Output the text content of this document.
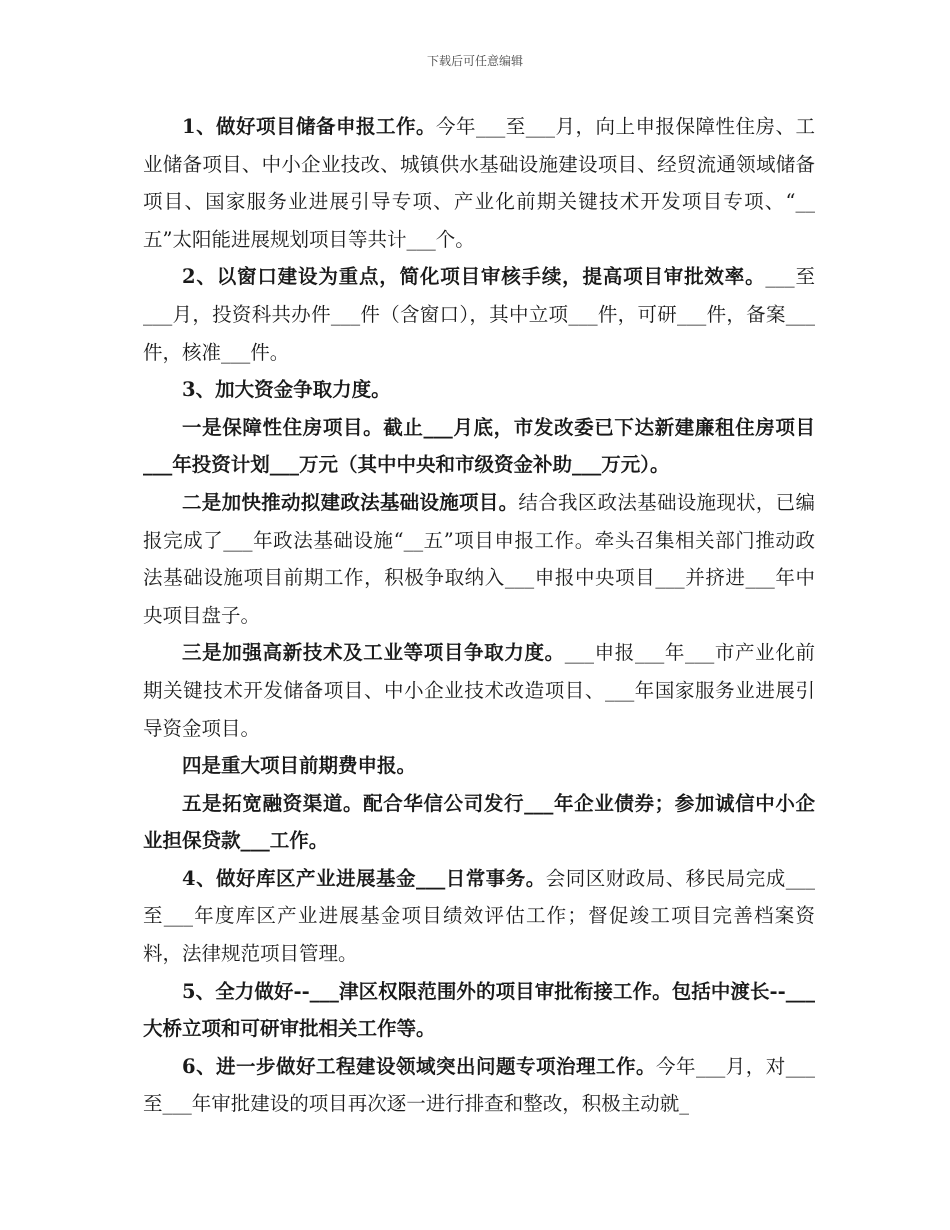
下载后可任意编辑

1、做好项目储备申报工作。今年___至___月，向上申报保障性住房、工业储备项目、中小企业技改、城镇供水基础设施建设项目、经贸流通领域储备项目、国家服务业进展引导专项、产业化前期关键技术开发项目专项、“__五”太阳能进展规划项目等共计___个。

2、以窗口建设为重点，简化项目审核手续，提高项目审批效率。___至___月，投资科共办件___件（含窗口），其中立项___件，可研___件，备案___件，核准___件。

3、加大资金争取力度。

一是保障性住房项目。截止___月底，市发改委已下达新建廉租住房项目___年投资计划___万元（其中中央和市级资金补助___万元）。

二是加快推动拟建政法基础设施项目。结合我区政法基础设施现状，已编报完成了___年政法基础设施“__五”项目申报工作。牵头召集相关部门推动政法基础设施项目前期工作，积极争取纳入___申报中央项目___并挤进___年中央项目盘子。

三是加强高新技术及工业等项目争取力度。___申报___年___市产业化前期关键技术开发储备项目、中小企业技术改造项目、___年国家服务业进展引导资金项目。

四是重大项目前期费申报。

五是拓宽融资渠道。配合华信公司发行___年企业债券；参加诚信中小企业担保贷款___工作。

4、做好库区产业进展基金___日常事务。会同区财政局、移民局完成___至___年度库区产业进展基金项目绩效评估工作；督促竣工项目完善档案资料，法律规范项目管理。

5、全力做好--___津区权限范围外的项目审批衔接工作。包括中渡长--___大桥立项和可研审批相关工作等。

6、进一步做好工程建设领域突出问题专项治理工作。今年___月，对___至___年审批建设的项目再次逐一进行排查和整改，积极主动就_
